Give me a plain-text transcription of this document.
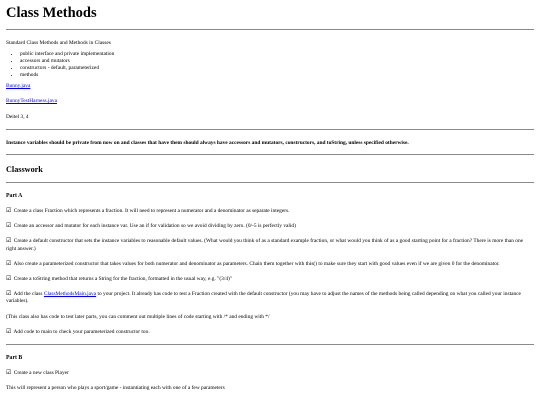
Class Methods

Standard Class Methods and Methods in Classes

• public interface and private implementation
• accessors and mutators
• constructors - default, parameterized
• methods

Bunny.java

BunnyTestHarness.java

Deitel 3, 4

Instance variables should be private from now on and classes that have them should always have accessors and mutators, constructors, and toString, unless specified otherwise.

Classwork
Part A

☑ Create a class Fraction which represents a fraction. It will need to represent a numerator and a denominator as separate integers.

☑ Create an accessor and mutator for each instance var. Use an if for validation so we avoid dividing by zero. (0/-5 is perfectly valid)

☑ Create a default constructor that sets the instance variables to reasonable default values. (What would you think of as a standard example fraction, or what would you think of as a good starting point for a fraction? There is more than one right answer.)

☑ Also create a parameterized constructor that takes values for both numerator and denominator as parameters. Chain them together with this() to make sure they start with good values even if we are given 0 for the denominator.

☑ Create a toString method that returns a String for the fraction, formatted in the usual way, e.g. "(3/4)"

☑ Add the class ClassMethodsMain.java to your project. It already has code to test a Fraction created with the default constructor (you may have to adjust the names of the methods being called depending on what you called your instance variables).

(This class also has code to test later parts, you can comment out multiple lines of code starting with /* and ending with */

☑ Add code to main to check your parameterized constructor too.

Part B

☑ Create a new class Player

This will represent a person who plays a sport/game - instantiating each with one of a few parameters
